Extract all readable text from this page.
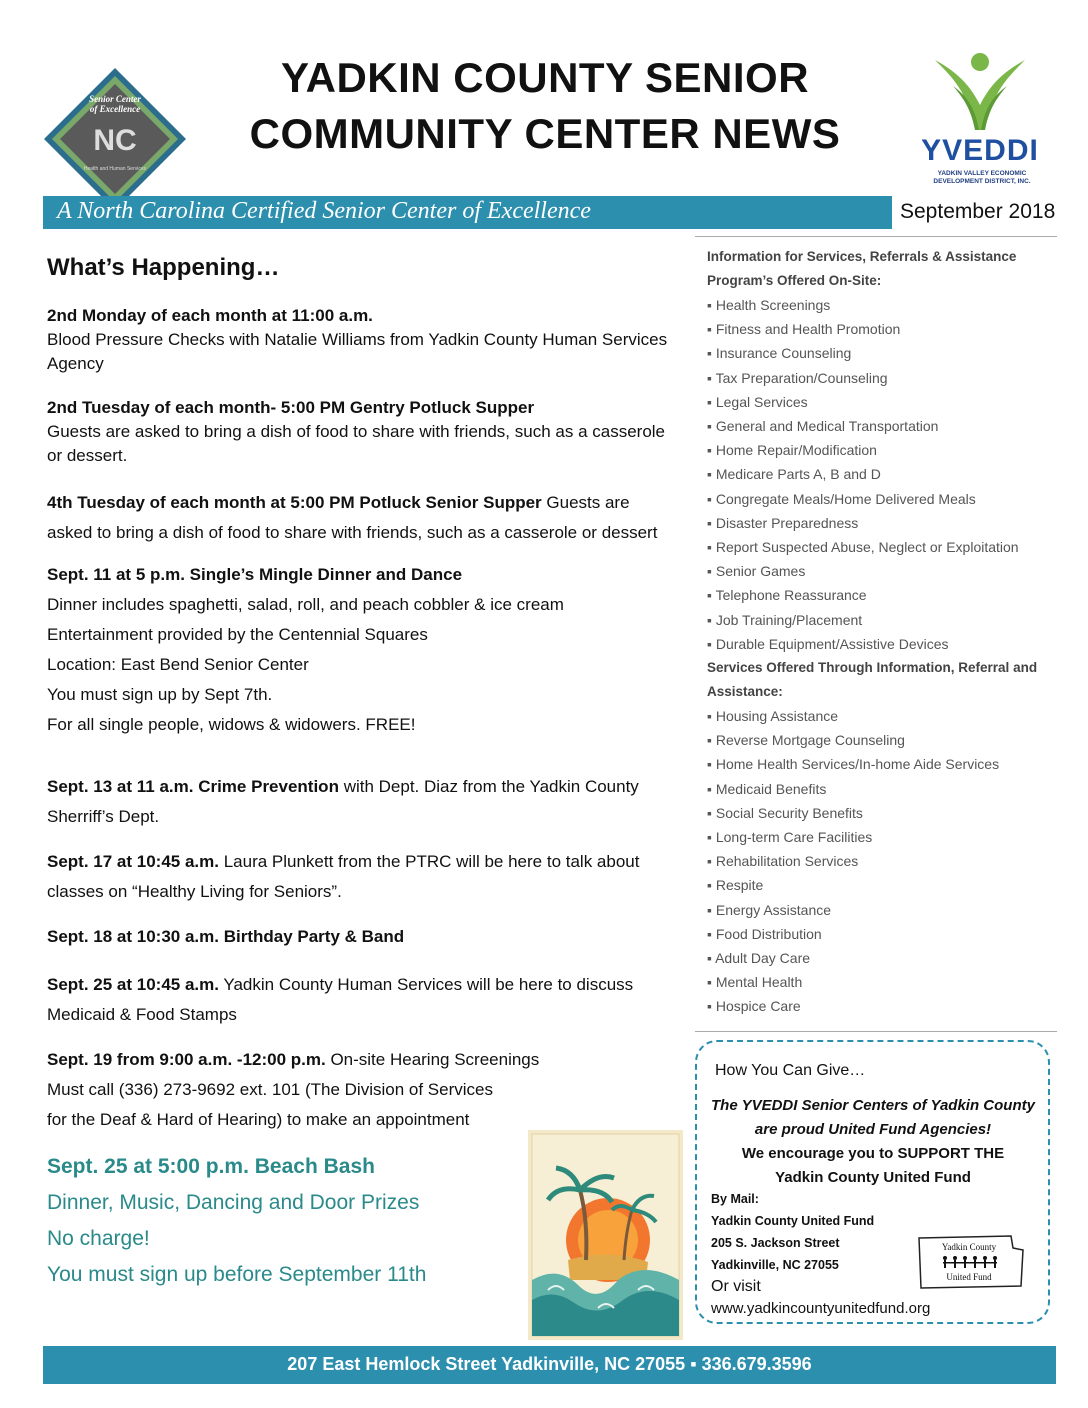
Senior Center
of Excellence
NC
Health and Human Services
YADKIN COUNTY SENIOR
COMMUNITY CENTER NEWS	YVEDDI
YADKIN VALLEY ECONOMIC DEVELOPMENT DISTRICT, INC.
A North Carolina Certified Senior Center of Excellence	September 2018

What’s Happening…

2nd Monday of each month at 11:00 a.m.
Blood Pressure Checks with Natalie Williams from Yadkin County Human Services Agency

2nd Tuesday of each month- 5:00 PM Gentry Potluck Supper
Guests are asked to bring a dish of food to share with friends, such as a casserole or dessert.

4th Tuesday of each month at 5:00 PM Potluck Senior Supper Guests are asked to bring a dish of food to share with friends, such as a casserole or dessert

Sept. 11 at 5 p.m. Single’s Mingle Dinner and Dance
Dinner includes spaghetti, salad, roll, and peach cobbler & ice cream
Entertainment provided by the Centennial Squares
Location: East Bend Senior Center
You must sign up by Sept 7th.
For all single people, widows & widowers. FREE!

Sept. 13 at 11 a.m. Crime Prevention with Dept. Diaz from the Yadkin County Sherriff’s Dept.

Sept. 17 at 10:45 a.m. Laura Plunkett from the PTRC will be here to talk about classes on “Healthy Living for Seniors”.

Sept. 18 at 10:30 a.m. Birthday Party & Band

Sept. 25 at 10:45 a.m. Yadkin County Human Services will be here to discuss Medicaid & Food Stamps

Sept. 19 from 9:00 a.m. -12:00 p.m. On-site Hearing Screenings
Must call (336) 273-9692 ext. 101 (The Division of Services
for the Deaf & Hard of Hearing) to make an appointment

Sept. 25 at 5:00 p.m. Beach Bash
Dinner, Music, Dancing and Door Prizes
No charge!
You must sign up before September 11th

Information for Services, Referrals & Assistance
Program’s Offered On-Site:
▪ Health Screenings
▪ Fitness and Health Promotion
▪ Insurance Counseling
▪ Tax Preparation/Counseling
▪ Legal Services
▪ General and Medical Transportation
▪ Home Repair/Modification
▪ Medicare Parts A, B and D
▪ Congregate Meals/Home Delivered Meals
▪ Disaster Preparedness
▪ Report Suspected Abuse, Neglect or Exploitation
▪ Senior Games
▪ Telephone Reassurance
▪ Job Training/Placement
▪ Durable Equipment/Assistive Devices
Services Offered Through Information, Referral and Assistance:
▪ Housing Assistance
▪ Reverse Mortgage Counseling
▪ Home Health Services/In-home Aide Services
▪ Medicaid Benefits
▪ Social Security Benefits
▪ Long-term Care Facilities
▪ Rehabilitation Services
▪ Respite
▪ Energy Assistance
▪ Food Distribution
▪ Adult Day Care
▪ Mental Health
▪ Hospice Care
How You Can Give…
The YVEDDI Senior Centers of Yadkin County
are proud United Fund Agencies!
We encourage you to SUPPORT THE
Yadkin County United Fund
By Mail:
Yadkin County United Fund
205 S. Jackson Street
Yadkinville, NC 27055
Or visit
www.yadkincountyunitedfund.org
Yadkin County
United Fund
207 East Hemlock Street Yadkinville, NC 27055 ▪ 336.679.3596
